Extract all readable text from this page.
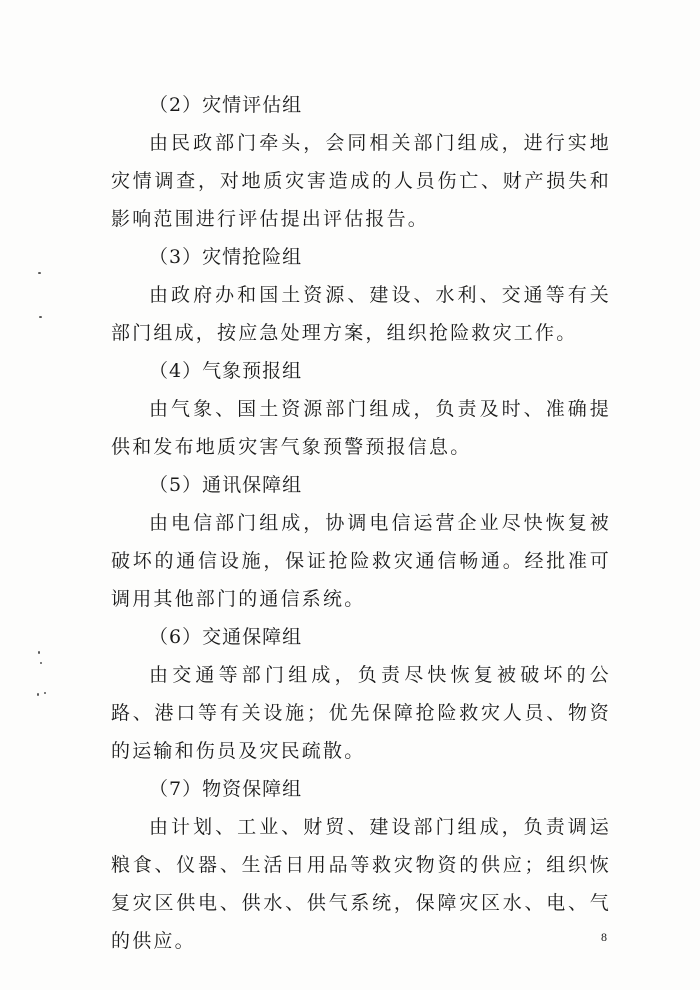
（2）灾情评估组
由民政部门牵头，会同相关部门组成，进行实地灾情调查，对地质灾害造成的人员伤亡、财产损失和影响范围进行评估提出评估报告。
（3）灾情抢险组
由政府办和国土资源、建设、水利、交通等有关部门组成，按应急处理方案，组织抢险救灾工作。
（4）气象预报组
由气象、国土资源部门组成，负责及时、准确提供和发布地质灾害气象预警预报信息。
（5）通讯保障组
由电信部门组成，协调电信运营企业尽快恢复被破坏的通信设施，保证抢险救灾通信畅通。经批准可调用其他部门的通信系统。
（6）交通保障组
由交通等部门组成，负责尽快恢复被破坏的公路、港口等有关设施；优先保障抢险救灾人员、物资的运输和伤员及灾民疏散。
（7）物资保障组
由计划、工业、财贸、建设部门组成，负责调运粮食、仪器、生活日用品等救灾物资的供应；组织恢复灾区供电、供水、供气系统，保障灾区水、电、气的供应。	8
